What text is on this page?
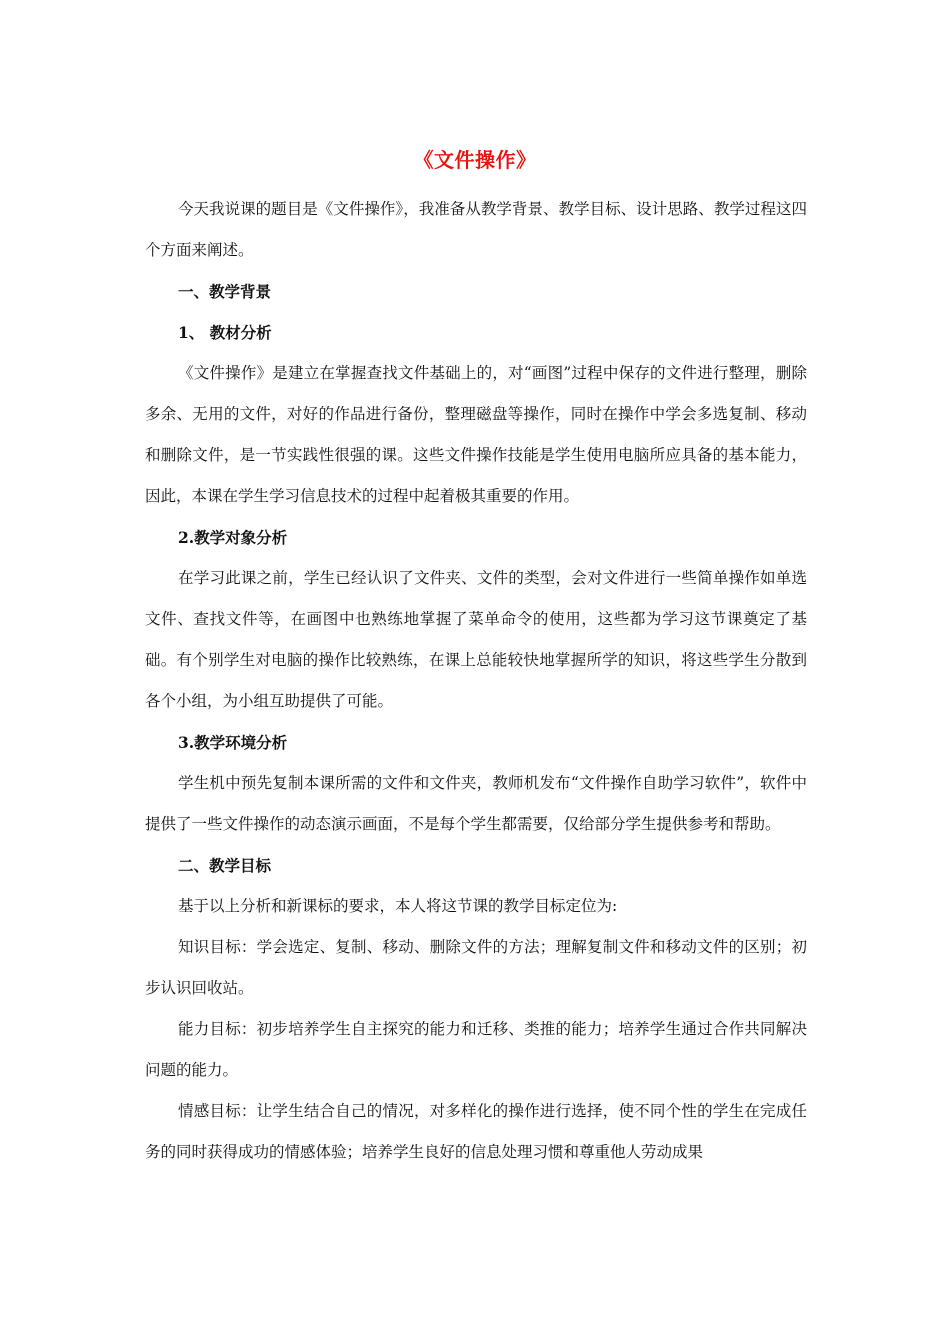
《文件操作》

今天我说课的题目是《文件操作》，我准备从教学背景、教学目标、设计思路、教学过程这四个方面来阐述。

一、教学背景

1、 教材分析

《文件操作》是建立在掌握查找文件基础上的，对“画图”过程中保存的文件进行整理，删除多余、无用的文件，对好的作品进行备份，整理磁盘等操作，同时在操作中学会多选复制、移动和删除文件，是一节实践性很强的课。这些文件操作技能是学生使用电脑所应具备的基本能力，因此，本课在学生学习信息技术的过程中起着极其重要的作用。

2.教学对象分析

在学习此课之前，学生已经认识了文件夹、文件的类型，会对文件进行一些简单操作如单选文件、查找文件等，在画图中也熟练地掌握了菜单命令的使用，这些都为学习这节课奠定了基础。有个别学生对电脑的操作比较熟练，在课上总能较快地掌握所学的知识，将这些学生分散到各个小组，为小组互助提供了可能。

3.教学环境分析

学生机中预先复制本课所需的文件和文件夹，教师机发布“文件操作自助学习软件”，软件中提供了一些文件操作的动态演示画面，不是每个学生都需要，仅给部分学生提供参考和帮助。

二、教学目标

基于以上分析和新课标的要求，本人将这节课的教学目标定位为:

知识目标：学会选定、复制、移动、删除文件的方法；理解复制文件和移动文件的区别；初步认识回收站。

能力目标：初步培养学生自主探究的能力和迁移、类推的能力；培养学生通过合作共同解决问题的能力。

情感目标：让学生结合自己的情况，对多样化的操作进行选择，使不同个性的学生在完成任务的同时获得成功的情感体验；培养学生良好的信息处理习惯和尊重他人劳动成果
